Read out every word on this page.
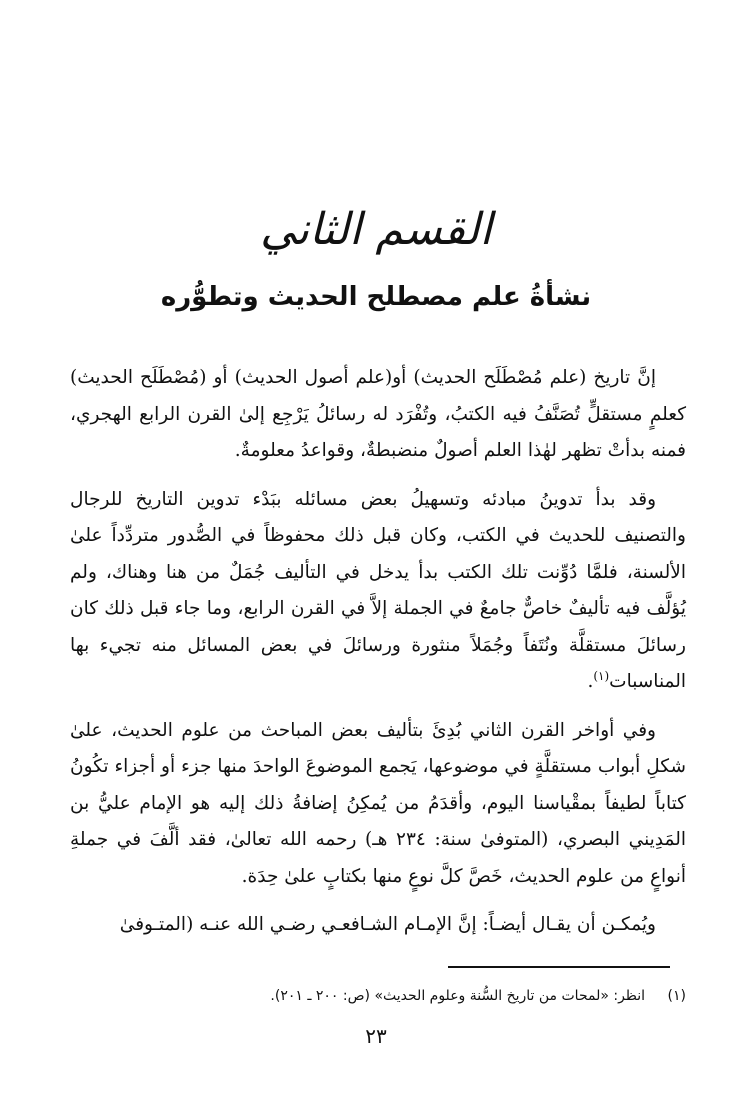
القسم الثاني
نشأةُ علم مصطلح الحديث وتطوُّره

إنَّ تاريخ (علم مُصْطَلَح الحديث) أو(علم أصول الحديث) أو (مُصْطَلَح الحديث) كعلمٍ مستقلٍّ تُصَنَّفُ فيه الكتبُ، وتُفْرَد له رسائلُ يَرْجِع إلىٰ القرن الرابع الهجري، فمنه بدأتْ تظهر لهٰذا العلم أصولٌ منضبطةٌ، وقواعدُ معلومةٌ.

وقد بدأ تدوينُ مبادئه وتسهيلُ بعض مسائله ببَدْء تدوين التاريخ للرجال والتصنيف للحديث في الكتب، وكان قبل ذلك محفوظاً في الصُّدور متردِّداً علىٰ الألسنة، فلمَّا دُوِّنت تلك الكتب بدأ يدخل في التأليف جُمَلٌ من هنا وهناك، ولم يُؤلَّف فيه تأليفٌ خاصٌّ جامعٌ في الجملة إلاَّ في القرن الرابع، وما جاء قبل ذلك كان رسائلَ مستقلَّة ونُتَفاً وجُمَلاً منثورة ورسائلَ في بعض المسائل منه تجيء بها المناسبات$^{(١)}$.

وفي أواخر القرن الثاني بُدِئَ بتأليف بعض المباحث من علوم الحديث، علىٰ شكلِ أبواب مستقلَّةٍ في موضوعها، يَجمع الموضوعَ الواحدَ منها جزء أو أجزاء تكُونُ كتاباً لطيفاً بمقْياسنا اليوم، وأقدَمُ من يُمكِنُ إضافةُ ذلك إليه هو الإمام عليُّ بن المَدِيني البصري، (المتوفىٰ سنة: ٢٣٤ هـ) رحمه الله تعالىٰ، فقد ألَّفَ في جملةِ أنواعٍ من علوم الحديث، خَصَّ كلَّ نوعٍ منها بكتابٍ علىٰ حِدَة.

ويُمكـن أن يقـال أيضـاً: إنَّ الإمـام الشـافعـي رضـي الله عنـه (المتـوفىٰ

(١) انظر: «لمحات من تاريخ السُّنة وعلوم الحديث» (ص: ٢٠٠ ـ ٢٠١).
٢٣
